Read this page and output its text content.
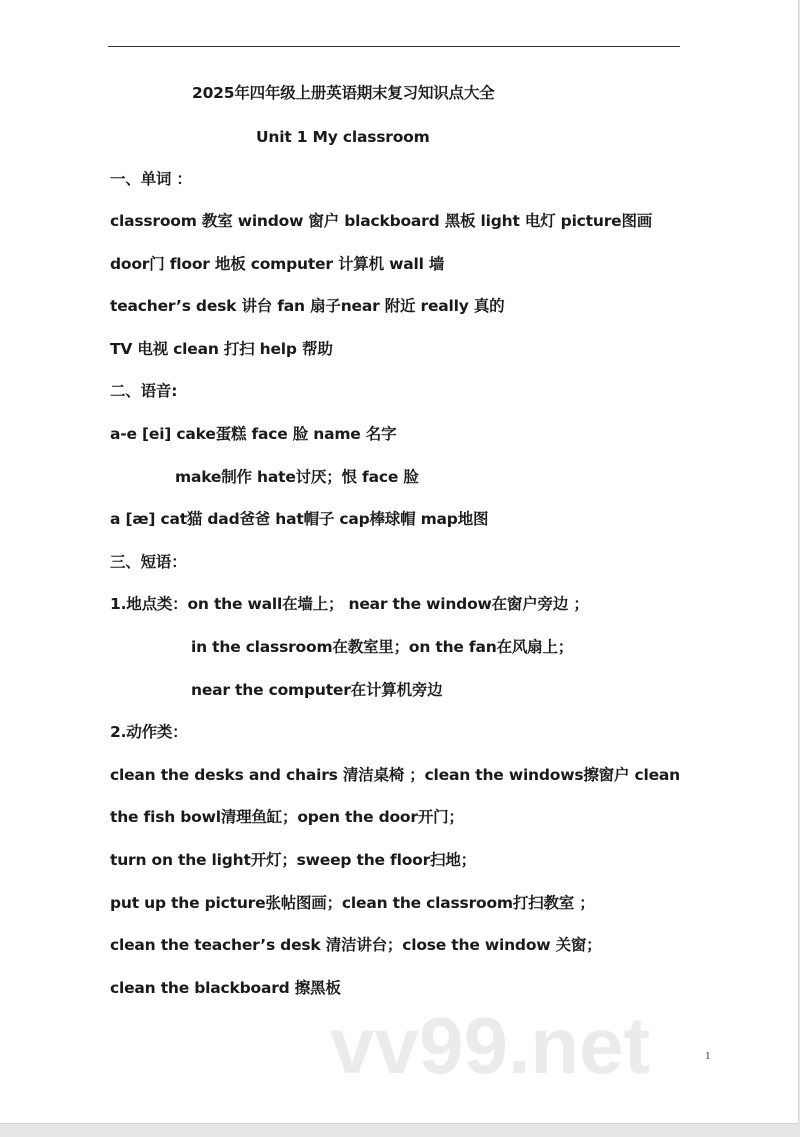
2025年四年级上册英语期末复习知识点大全
Unit 1 My classroom
一、单词 ：
classroom 教室 window 窗户 blackboard 黑板 light 电灯 picture图画
door门 floor 地板 computer 计算机 wall 墙
teacher’s desk 讲台 fan 扇子near 附近 really 真的
TV 电视 clean 打扫 help 帮助
二、语音:
a-e [ei] cake蛋糕 face 脸 name 名字
make制作 hate讨厌；恨 face 脸
a [æ] cat猫 dad爸爸 hat帽子 cap棒球帽 map地图
三、短语：
1.地点类：on the wall在墙上； near the window在窗户旁边 ；
in the classroom在教室里；on the fan在风扇上；
near the computer在计算机旁边
2.动作类：
clean the desks and chairs 清洁桌椅 ；clean the windows擦窗户 clean
the fish bowl清理鱼缸；open the door开门；
turn on the light开灯；sweep the floor扫地；
put up the picture张帖图画；clean the classroom打扫教室 ；
clean the teacher’s desk 清洁讲台；close the window 关窗；
clean the blackboard 擦黑板
vv99.net	1
